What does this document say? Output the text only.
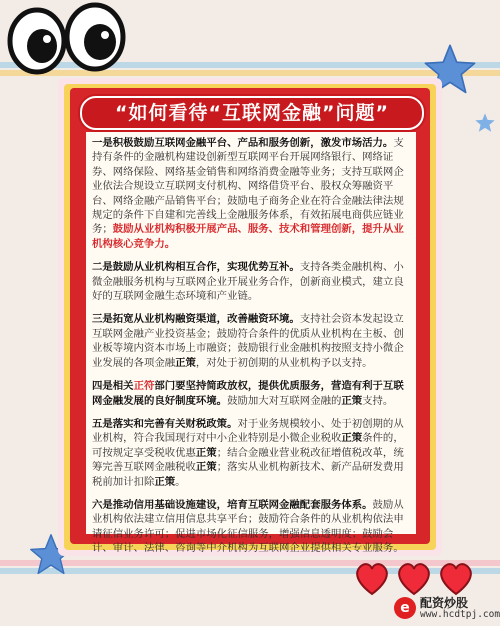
“如何看待“互联网金融”问题”

一是积极鼓励互联网金融平台、产品和服务创新，激发市场活力。支持有条件的金融机构建设创新型互联网平台开展网络银行、网络证券、网络保险、网络基金销售和网络消费金融等业务；支持互联网企业依法合规设立互联网支付机构、网络借贷平台、股权众筹融资平台、网络金融产品销售平台；鼓励电子商务企业在符合金融法律法规规定的条件下自建和完善线上金融服务体系，有效拓展电商供应链业务；鼓励从业机构积极开展产品、服务、技术和管理创新，提升从业机构核心竞争力。

二是鼓励从业机构相互合作，实现优势互补。支持各类金融机构、小微金融服务机构与互联网企业开展业务合作，创新商业模式，建立良好的互联网金融生态环境和产业链。

三是拓宽从业机构融资渠道，改善融资环境。支持社会资本发起设立互联网金融产业投资基金；鼓励符合条件的优质从业机构在主板、创业板等境内资本市场上市融资；鼓励银行业金融机构按照支持小微企业发展的各项金融正策，对处于初创期的从业机构予以支持。

四是相关正符部门要坚持简政放权，提供优质服务，营造有利于互联网金融发展的良好制度环境。鼓励加大对互联网金融的正策支持。

五是落实和完善有关财税政策。对于业务规模较小、处于初创期的从业机构，符合我国现行对中小企业特别是小微企业税收正策条件的，可按规定享受税收优惠正策；结合金融业营业税改征增值税改革，统筹完善互联网金融税收正策；落实从业机构新技术、新产品研发费用税前加计扣除正策。

六是推动信用基础设施建设，培育互联网金融配套服务体系。鼓励从业机构依法建立信用信息共享平台；鼓励符合条件的从业机构依法申请征信业务许可；促进市场化征信服务，增强信息透明度；鼓励会计、审计、法律、咨询等中介机构为互联网企业提供相关专业服务。

e 配资炒股
www.hcdtpj.com
